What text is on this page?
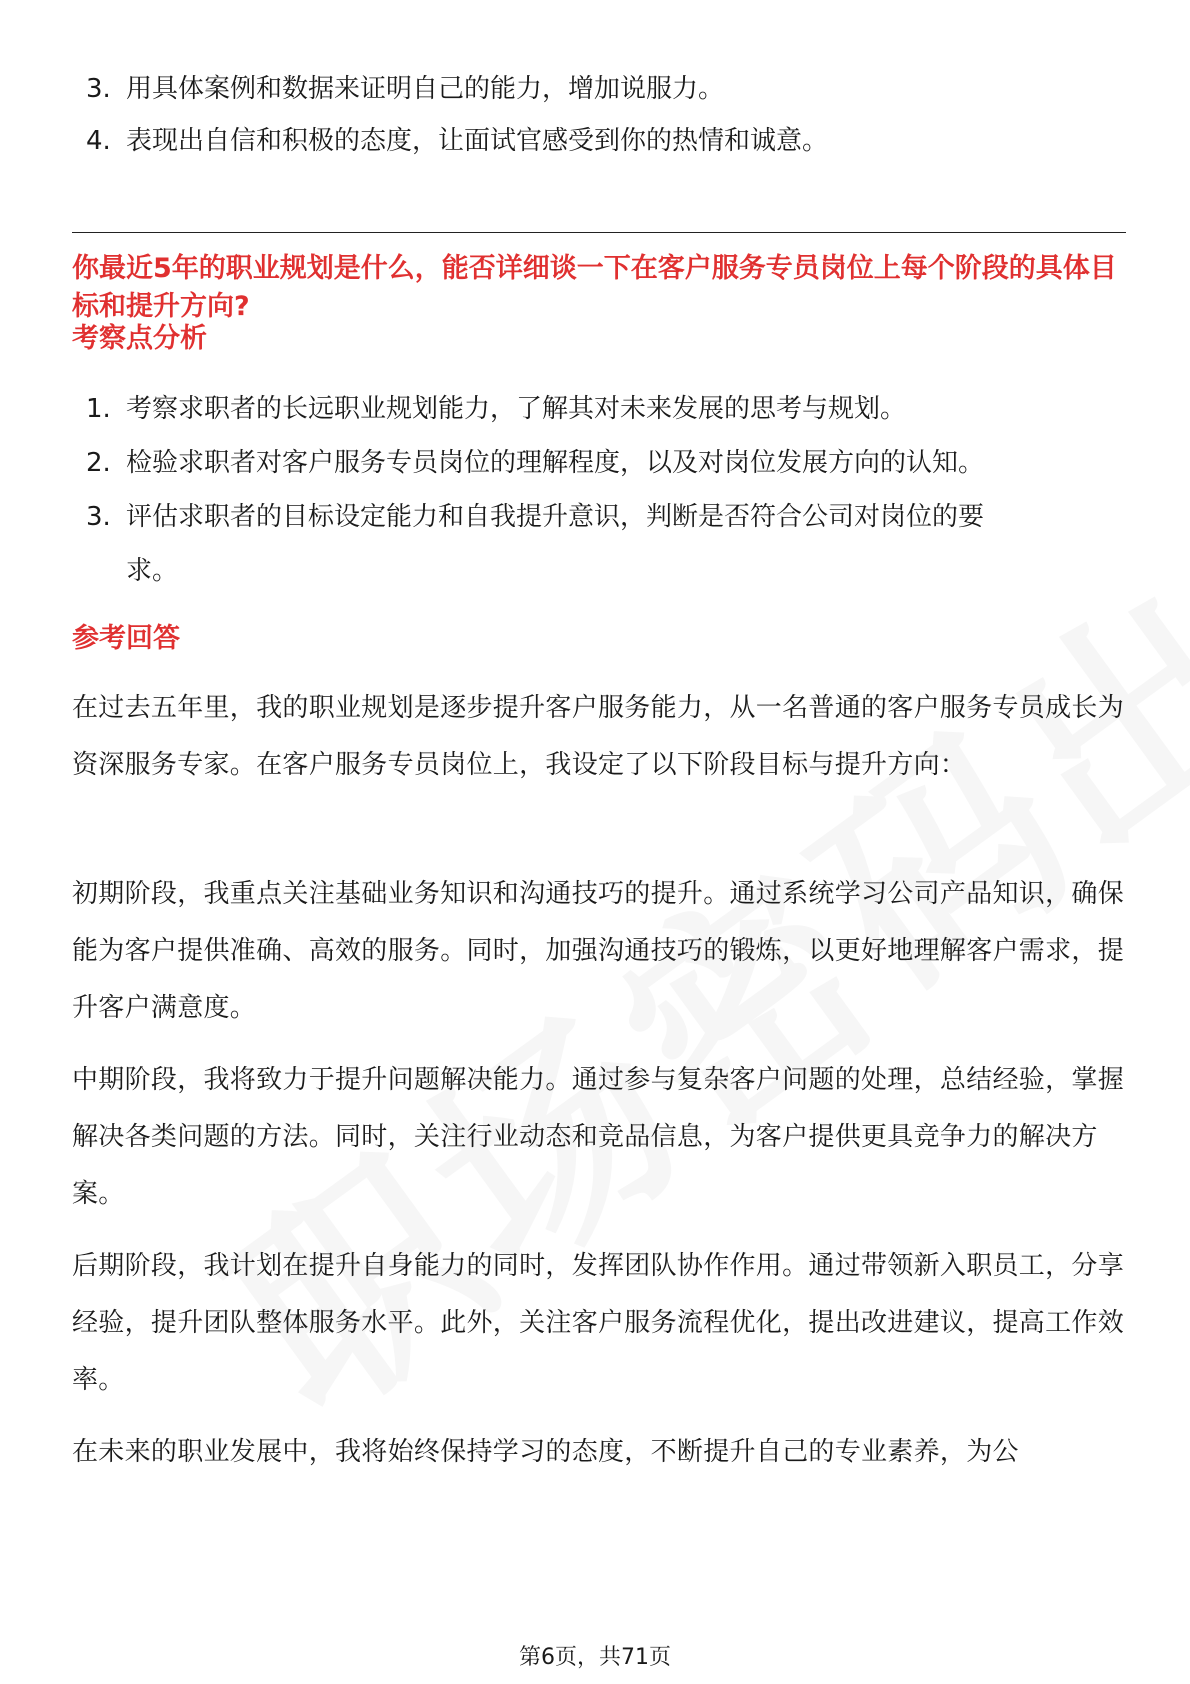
3. 用具体案例和数据来证明自己的能力，增加说服力。
4. 表现出自信和积极的态度，让面试官感受到你的热情和诚意。
你最近5年的职业规划是什么，能否详细谈一下在客户服务专员岗位上每个阶段的具体目标和提升方向?
考察点分析
1. 考察求职者的长远职业规划能力，了解其对未来发展的思考与规划。
2. 检验求职者对客户服务专员岗位的理解程度，以及对岗位发展方向的认知。
3. 评估求职者的目标设定能力和自我提升意识，判断是否符合公司对岗位的要
求。
参考回答
在过去五年里，我的职业规划是逐步提升客户服务能力，从一名普通的客户服务专员成长为资深服务专家。在客户服务专员岗位上，我设定了以下阶段目标与提升方向：
初期阶段，我重点关注基础业务知识和沟通技巧的提升。通过系统学习公司产品知识，确保能为客户提供准确、高效的服务。同时，加强沟通技巧的锻炼，以更好地理解客户需求，提升客户满意度。
中期阶段，我将致力于提升问题解决能力。通过参与复杂客户问题的处理，总结经验，掌握解决各类问题的方法。同时，关注行业动态和竞品信息，为客户提供更具竞争力的解决方案。
后期阶段，我计划在提升自身能力的同时，发挥团队协作作用。通过带领新入职员工，分享经验，提升团队整体服务水平。此外，关注客户服务流程优化，提出改进建议，提高工作效率。
在未来的职业发展中，我将始终保持学习的态度，不断提升自己的专业素养，为公
第6页，共71页
